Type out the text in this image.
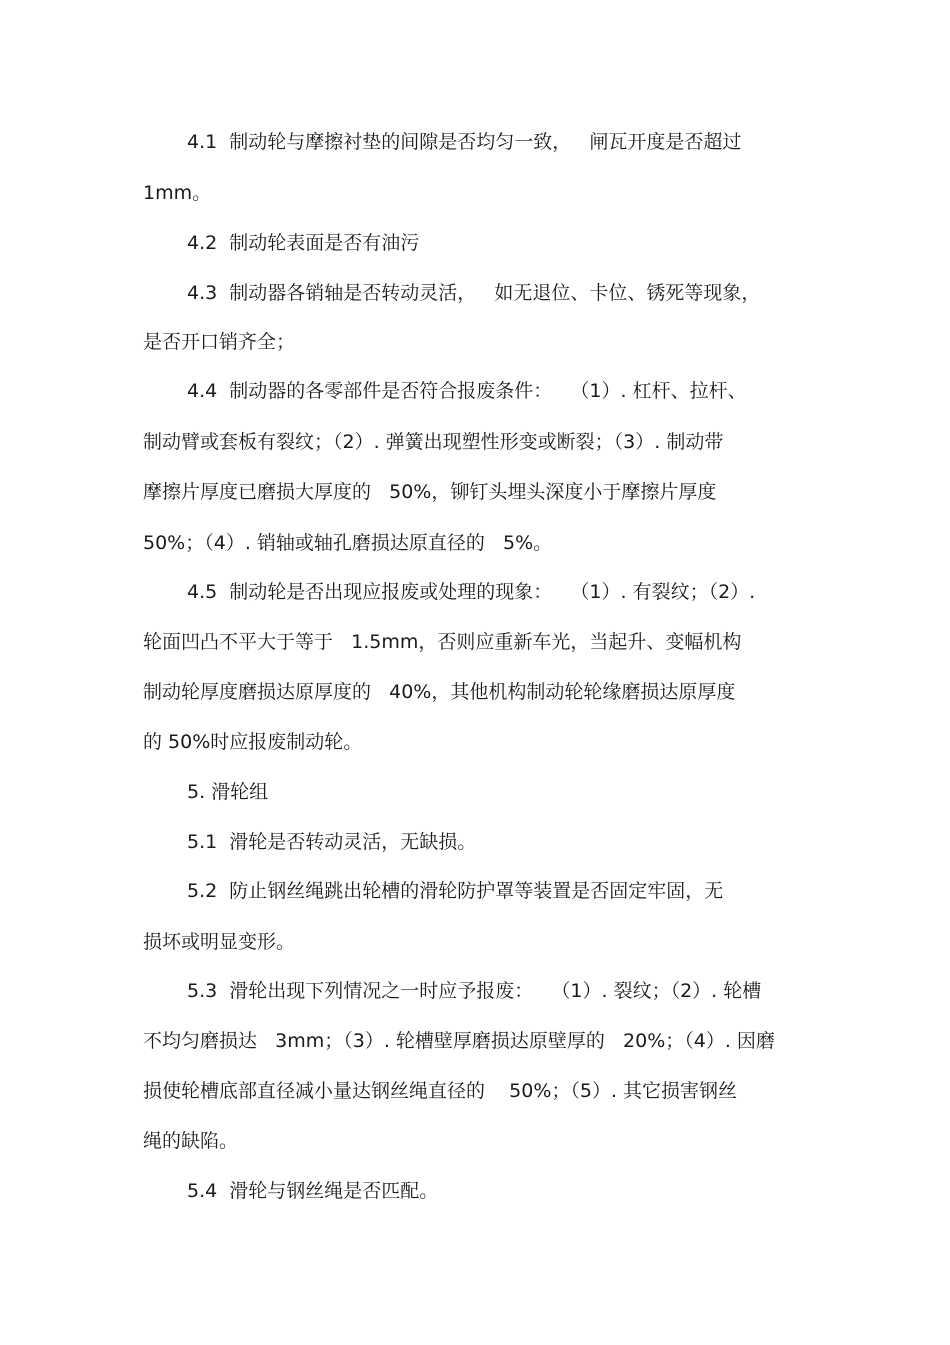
4.1  制动轮与摩擦衬垫的间隙是否均匀一致，   闸瓦开度是否超过
1mm。
4.2  制动轮表面是否有油污
4.3  制动器各销轴是否转动灵活，   如无退位、卡位、锈死等现象，
是否开口销齐全；
4.4  制动器的各零部件是否符合报废条件：   （1）. 杠杆、拉杆、
制动臂或套板有裂纹；（2）. 弹簧出现塑性形变或断裂；（3）. 制动带
摩擦片厚度已磨损大厚度的   50%，铆钉头埋头深度小于摩擦片厚度
50%；（4）. 销轴或轴孔磨损达原直径的   5%。
4.5  制动轮是否出现应报废或处理的现象：   （1）. 有裂纹；（2）.
轮面凹凸不平大于等于   1.5mm，否则应重新车光，当起升、变幅机构
制动轮厚度磨损达原厚度的   40%，其他机构制动轮轮缘磨损达原厚度
的 50%时应报废制动轮。
5. 滑轮组
5.1  滑轮是否转动灵活，无缺损。
5.2  防止钢丝绳跳出轮槽的滑轮防护罩等装置是否固定牢固，无
损坏或明显变形。
5.3  滑轮出现下列情况之一时应予报废：   （1）. 裂纹；（2）. 轮槽
不均匀磨损达   3mm；（3）. 轮槽壁厚磨损达原壁厚的   20%；（4）. 因磨
损使轮槽底部直径减小量达钢丝绳直径的    50%；（5）. 其它损害钢丝
绳的缺陷。
5.4  滑轮与钢丝绳是否匹配。
